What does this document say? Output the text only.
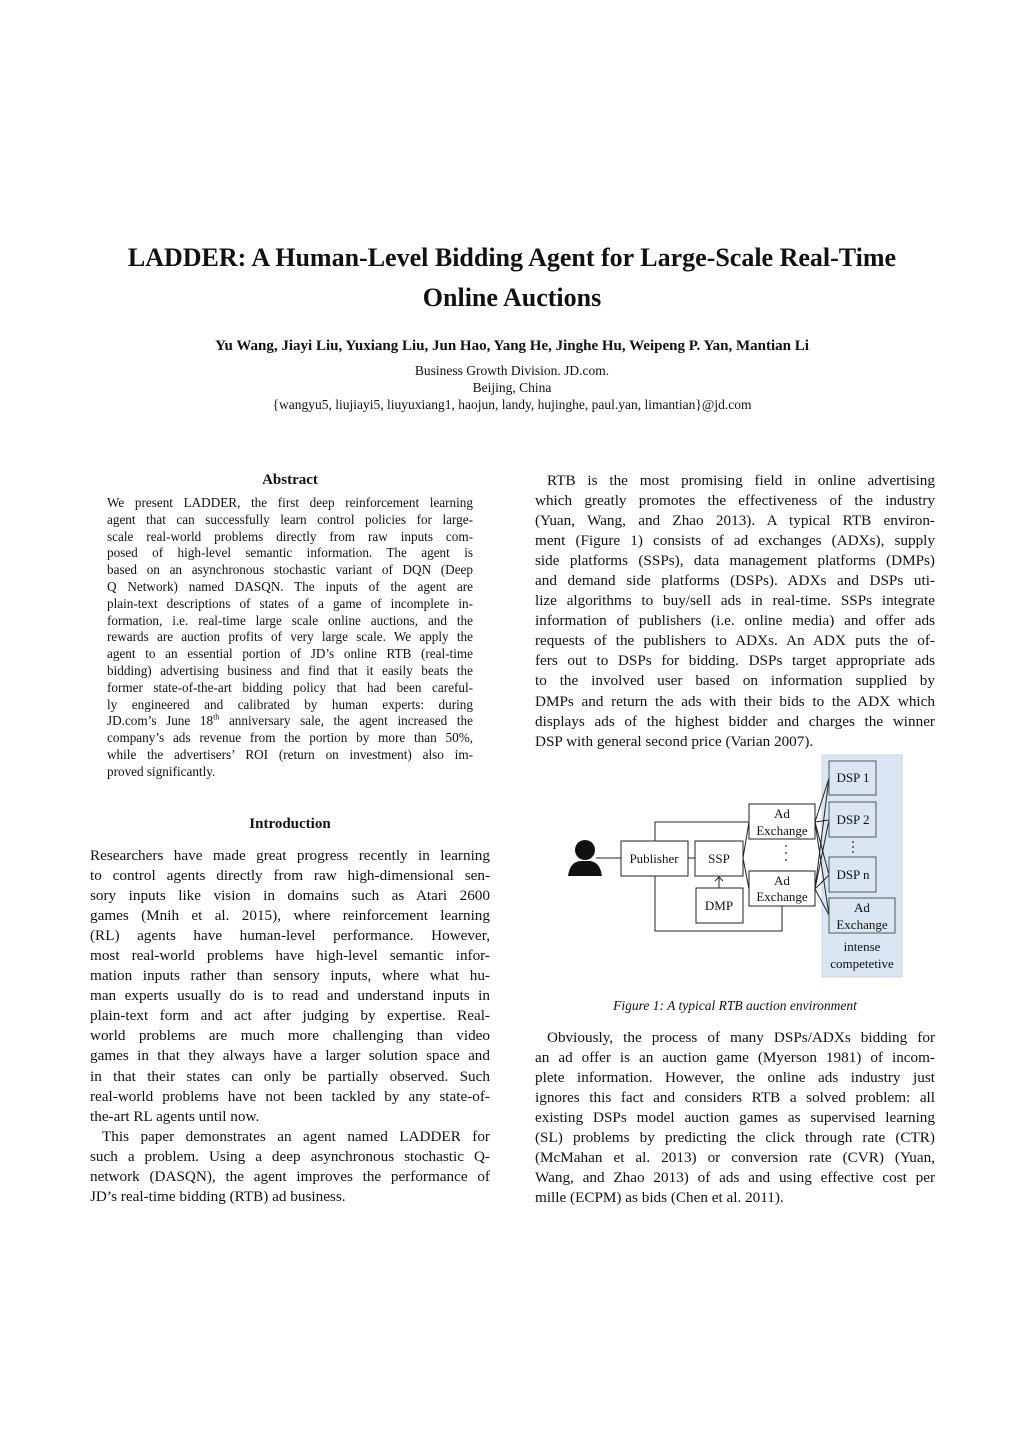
LADDER: A Human-Level Bidding Agent for Large-Scale Real-Time
Online Auctions
Yu Wang, Jiayi Liu, Yuxiang Liu, Jun Hao, Yang He, Jinghe Hu, Weipeng P. Yan, Mantian Li
Business Growth Division. JD.com.
Beijing, China
{wangyu5, liujiayi5, liuyuxiang1, haojun, landy, hujinghe, paul.yan, limantian}@jd.com
Abstract
We present LADDER, the first deep reinforcement learning
agent that can successfully learn control policies for large-
scale real-world problems directly from raw inputs com-
posed of high-level semantic information. The agent is
based on an asynchronous stochastic variant of DQN (Deep
Q Network) named DASQN. The inputs of the agent are
plain-text descriptions of states of a game of incomplete in-
formation, i.e. real-time large scale online auctions, and the
rewards are auction profits of very large scale. We apply the
agent to an essential portion of JD’s online RTB (real-time
bidding) advertising business and find that it easily beats the
former state-of-the-art bidding policy that had been careful-
ly engineered and calibrated by human experts: during
JD.com’s June 18th anniversary sale, the agent increased the
company’s ads revenue from the portion by more than 50%,
while the advertisers’ ROI (return on investment) also im-
proved significantly.
Introduction
Researchers have made great progress recently in learning
to control agents directly from raw high-dimensional sen-
sory inputs like vision in domains such as Atari 2600
games (Mnih et al. 2015), where reinforcement learning
(RL) agents have human-level performance. However,
most real-world problems have high-level semantic infor-
mation inputs rather than sensory inputs, where what hu-
man experts usually do is to read and understand inputs in
plain-text form and act after judging by expertise. Real-
world problems are much more challenging than video
games in that they always have a larger solution space and
in that their states can only be partially observed. Such
real-world problems have not been tackled by any state-of-
the-art RL agents until now.
This paper demonstrates an agent named LADDER for
such a problem. Using a deep asynchronous stochastic Q-
network (DASQN), the agent improves the performance of
JD’s real-time bidding (RTB) ad business.
RTB is the most promising field in online advertising
which greatly promotes the effectiveness of the industry
(Yuan, Wang, and Zhao 2013). A typical RTB environ-
ment (Figure 1) consists of ad exchanges (ADXs), supply
side platforms (SSPs), data management platforms (DMPs)
and demand side platforms (DSPs). ADXs and DSPs uti-
lize algorithms to buy/sell ads in real-time. SSPs integrate
information of publishers (i.e. online media) and offer ads
requests of the publishers to ADXs. An ADX puts the of-
fers out to DSPs for bidding. DSPs target appropriate ads
to the involved user based on information supplied by
DMPs and return the ads with their bids to the ADX which
displays ads of the highest bidder and charges the winner
DSP with general second price (Varian 2007).
Publisher SSP
DMP
Ad
Exchange
Ad
Exchange
DSP 1
DSP 2
DSP n
Ad
Exchange
intense
competetive
Figure 1: A typical RTB auction environment
Obviously, the process of many DSPs/ADXs bidding for
an ad offer is an auction game (Myerson 1981) of incom-
plete information. However, the online ads industry just
ignores this fact and considers RTB a solved problem: all
existing DSPs model auction games as supervised learning
(SL) problems by predicting the click through rate (CTR)
(McMahan et al. 2013) or conversion rate (CVR) (Yuan,
Wang, and Zhao 2013) of ads and using effective cost per
mille (ECPM) as bids (Chen et al. 2011).
